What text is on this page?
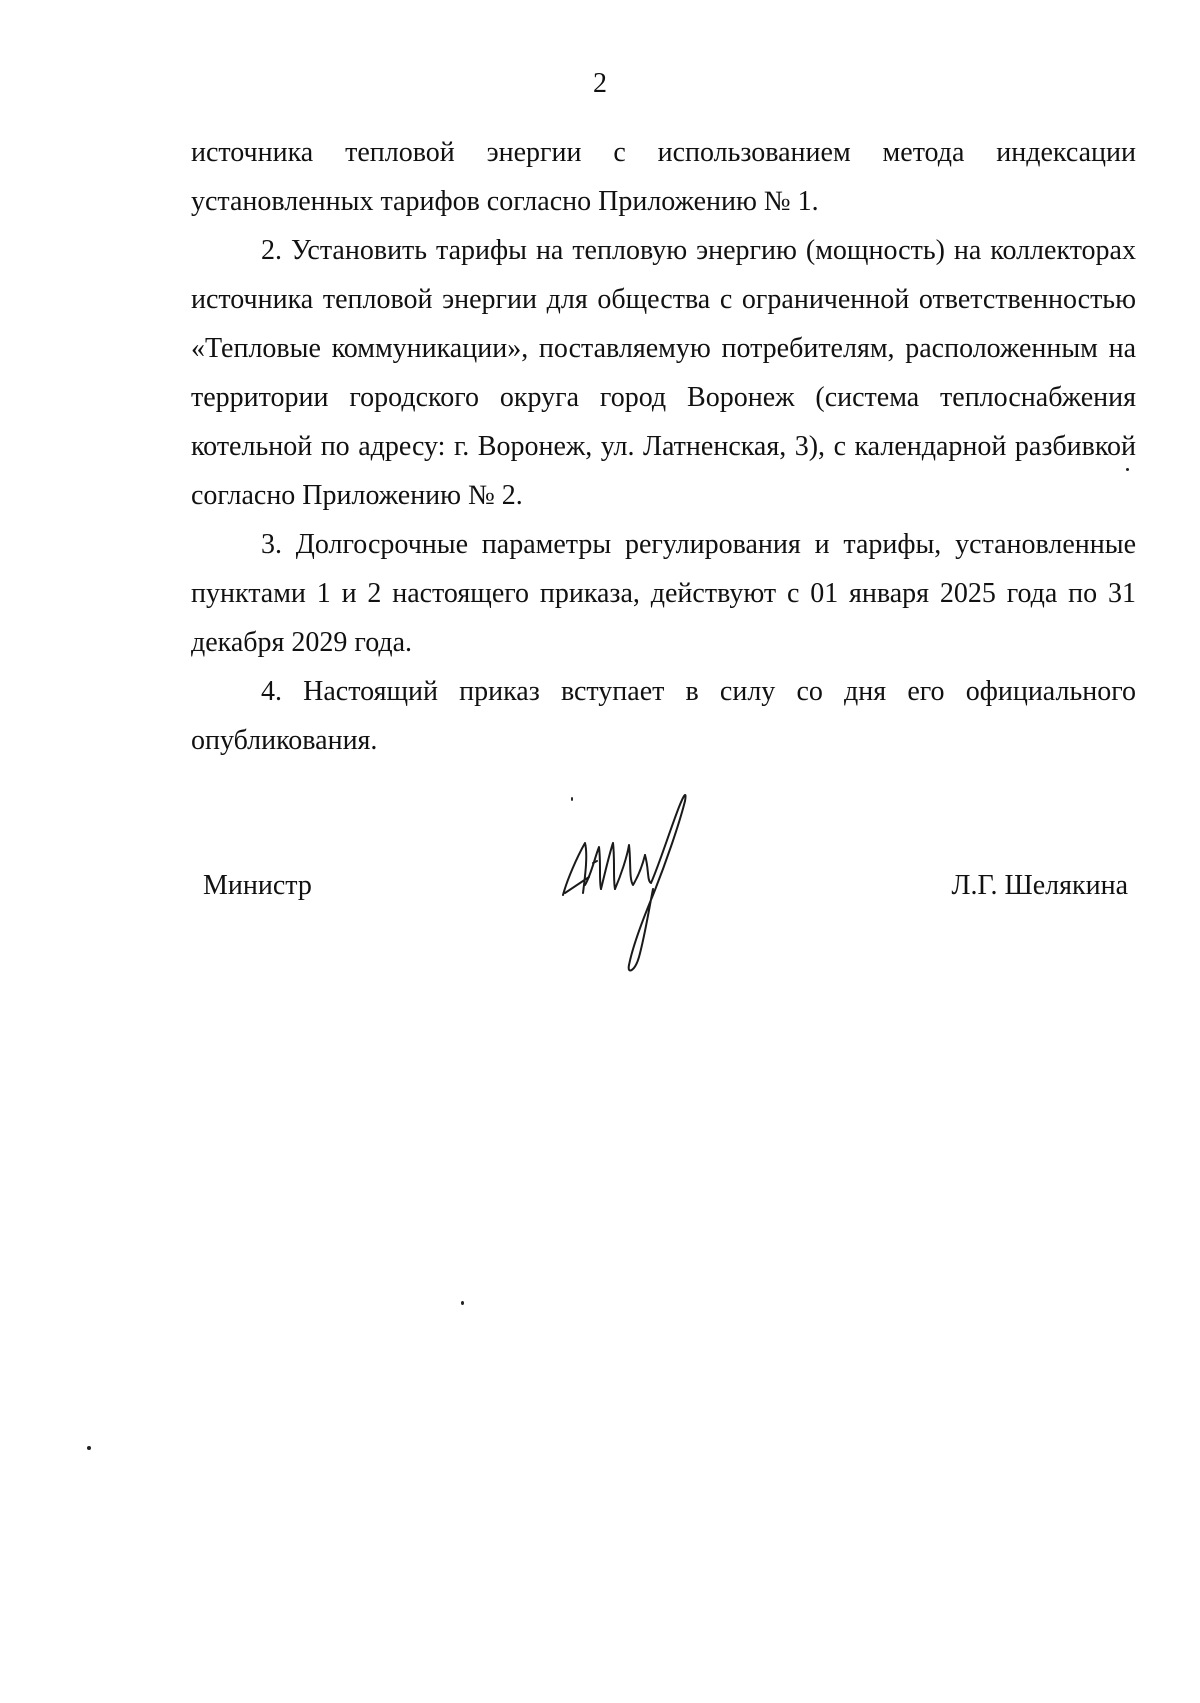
2

источника тепловой энергии с использованием метода индексации установленных тарифов согласно Приложению № 1.

2. Установить тарифы на тепловую энергию (мощность) на коллекторах источника тепловой энергии для общества с ограниченной ответственностью «Тепловые коммуникации», поставляемую потребителям, расположенным на территории городского округа город Воронеж (система теплоснабжения котельной по адресу: г. Воронеж, ул. Латненская, 3), с календарной разбивкой согласно Приложению № 2.

3. Долгосрочные параметры регулирования и тарифы, установленные пунктами 1 и 2 настоящего приказа, действуют с 01 января 2025 года по 31 декабря 2029 года.

4. Настоящий приказ вступает в силу со дня его официального опубликования.

Министр	Л.Г. Шелякина
